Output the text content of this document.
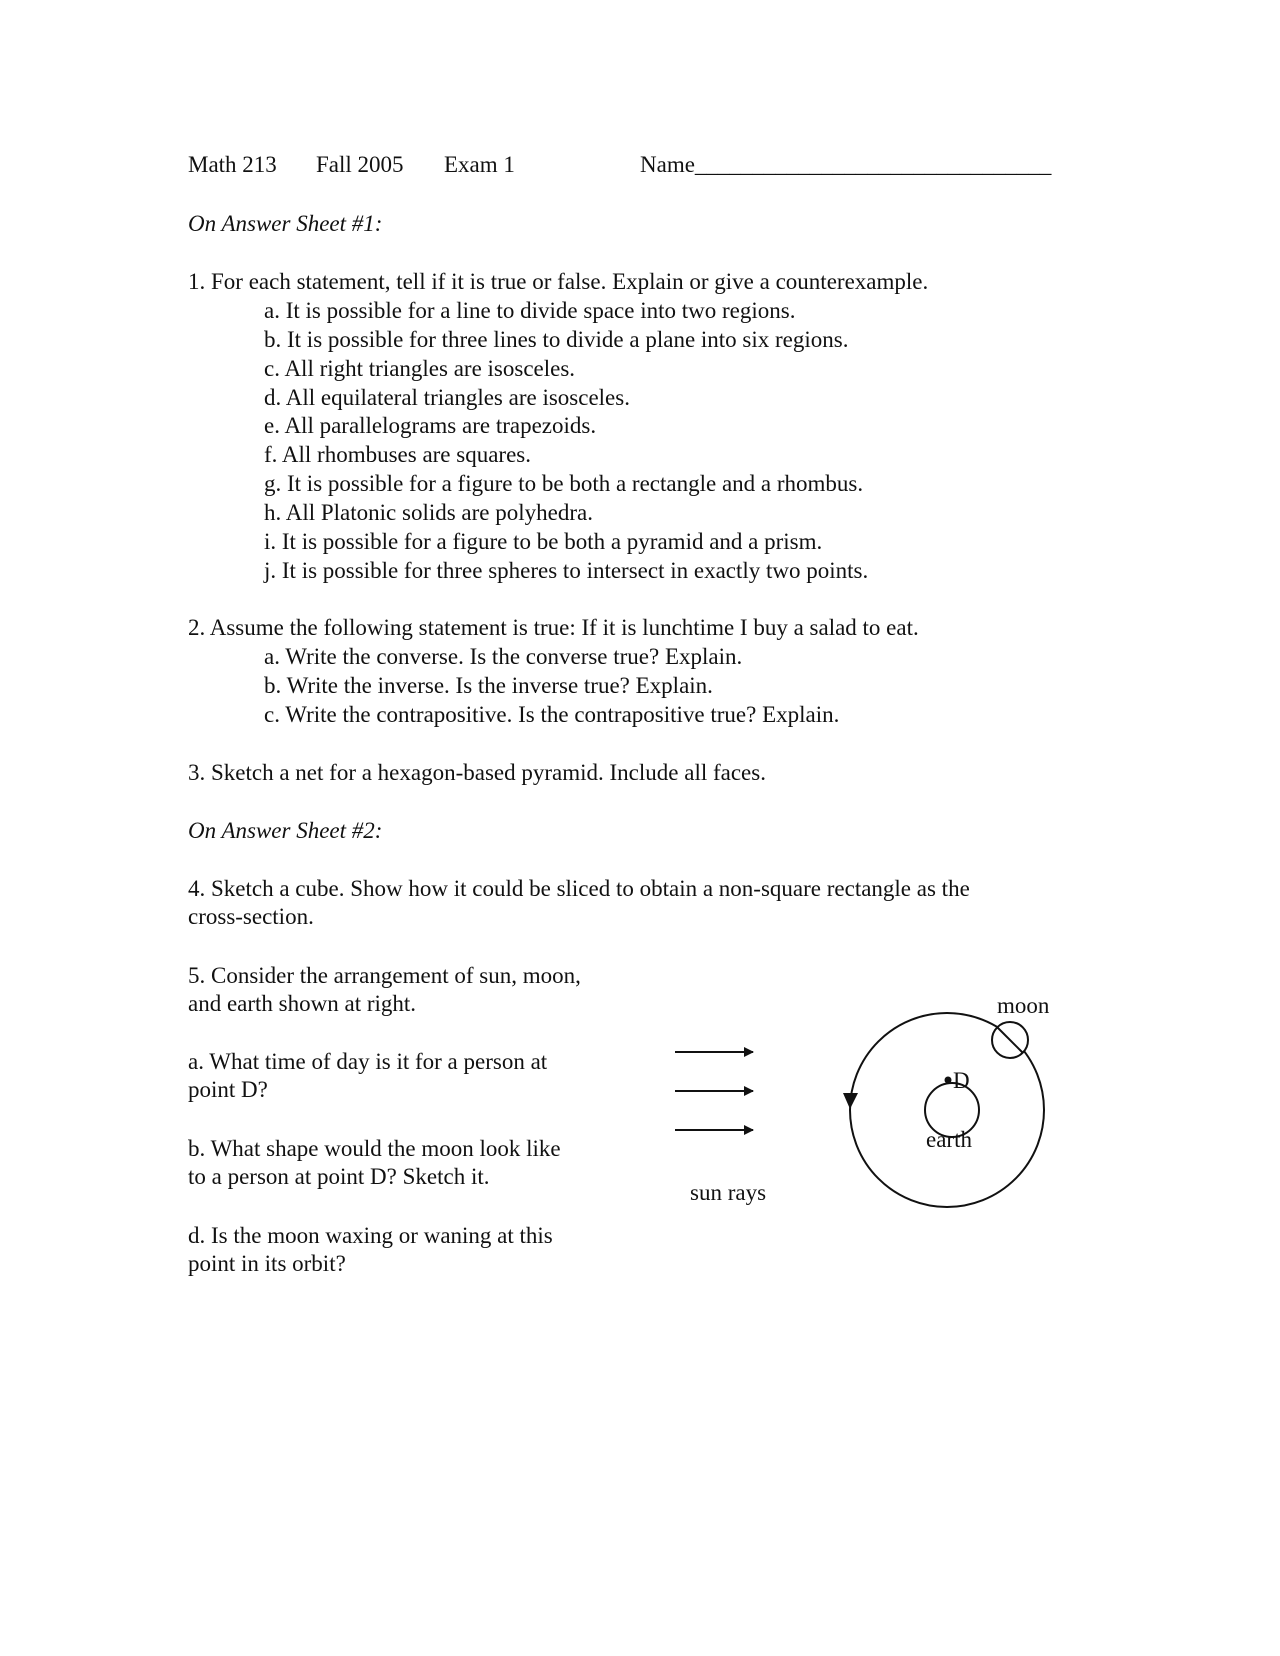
Math 213 Fall 2005 Exam 1	Name_______________________________
On Answer Sheet #1:
1. For each statement, tell if it is true or false. Explain or give a counterexample.
a. It is possible for a line to divide space into two regions.
b. It is possible for three lines to divide a plane into six regions.
c. All right triangles are isosceles.
d. All equilateral triangles are isosceles.
e. All parallelograms are trapezoids.
f. All rhombuses are squares.
g. It is possible for a figure to be both a rectangle and a rhombus.
h. All Platonic solids are polyhedra.
i. It is possible for a figure to be both a pyramid and a prism.
j. It is possible for three spheres to intersect in exactly two points.
2. Assume the following statement is true: If it is lunchtime I buy a salad to eat.
a. Write the converse. Is the converse true? Explain.
b. Write the inverse. Is the inverse true? Explain.
c. Write the contrapositive. Is the contrapositive true? Explain.
3. Sketch a net for a hexagon-based pyramid. Include all faces.
On Answer Sheet #2:
4. Sketch a cube. Show how it could be sliced to obtain a non-square rectangle as the
cross-section.
5. Consider the arrangement of sun, moon,
and earth shown at right.
a. What time of day is it for a person at
point D?
b. What shape would the moon look like
to a person at point D? Sketch it.
d. Is the moon waxing or waning at this
point in its orbit?
sun rays
moon
D
earth
